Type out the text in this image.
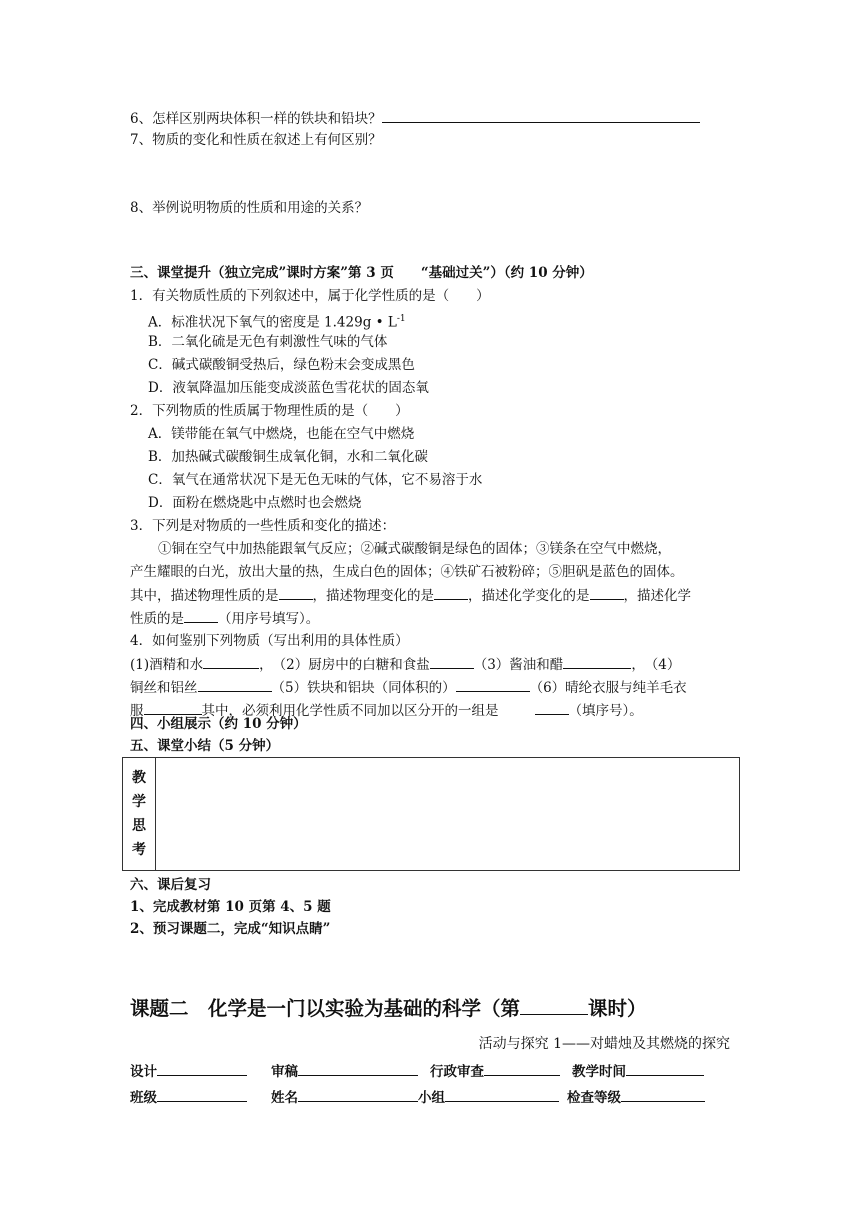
6、怎样区别两块体积一样的铁块和铅块？
7、物质的变化和性质在叙述上有何区别？
8、举例说明物质的性质和用途的关系？
三、课堂提升（独立完成”课时方案”第 3 页　　“基础过关”）（约 10 分钟）
1．有关物质性质的下列叙述中，属于化学性质的是（　　）
A．标准状况下氧气的密度是 1.429g • $L^{-1}$
B．二氧化硫是无色有刺激性气味的气体
C．碱式碳酸铜受热后，绿色粉末会变成黑色
D．液氧降温加压能变成淡蓝色雪花状的固态氧
2．下列物质的性质属于物理性质的是（　　）
A．镁带能在氧气中燃烧，也能在空气中燃烧
B．加热碱式碳酸铜生成氧化铜，水和二氧化碳
C．氧气在通常状况下是无色无味的气体，它不易溶于水
D．面粉在燃烧匙中点燃时也会燃烧
3．下列是对物质的一些性质和变化的描述：
①铜在空气中加热能跟氧气反应；②碱式碳酸铜是绿色的固体；③镁条在空气中燃烧，
产生耀眼的白光，放出大量的热，生成白色的固体；④铁矿石被粉碎；⑤胆矾是蓝色的固体。
其中，描述物理性质的是	，描述物理变化的是	，描述化学变化的是	，描述化学
性质的是	（用序号填写）。
4．如何鉴别下列物质（写出利用的具体性质）
(1)酒精和水	，　（2）厨房中的白糖和食盐	（3）酱油和醋	，　（4）
铜丝和铝丝	（5）铁块和铝块（同体积的）	（6）晴纶衣服与纯羊毛衣
服	其中，必须利用化学性质不同加以区分开的一组是	（填序号）。
四、小组展示（约 10 分钟）
五、课堂小结（5 分钟）
教
学
思
考
六、课后复习
1、完成教材第 10 页第 4、5 题
2、预习课题二，完成“知识点睛”
课题二　化学是一门以实验为基础的科学（第	课时）
活动与探究 1——对蜡烛及其燃烧的探究
设计	审稿	行政审查	教学时间
班级	姓名	小组	检查等级
